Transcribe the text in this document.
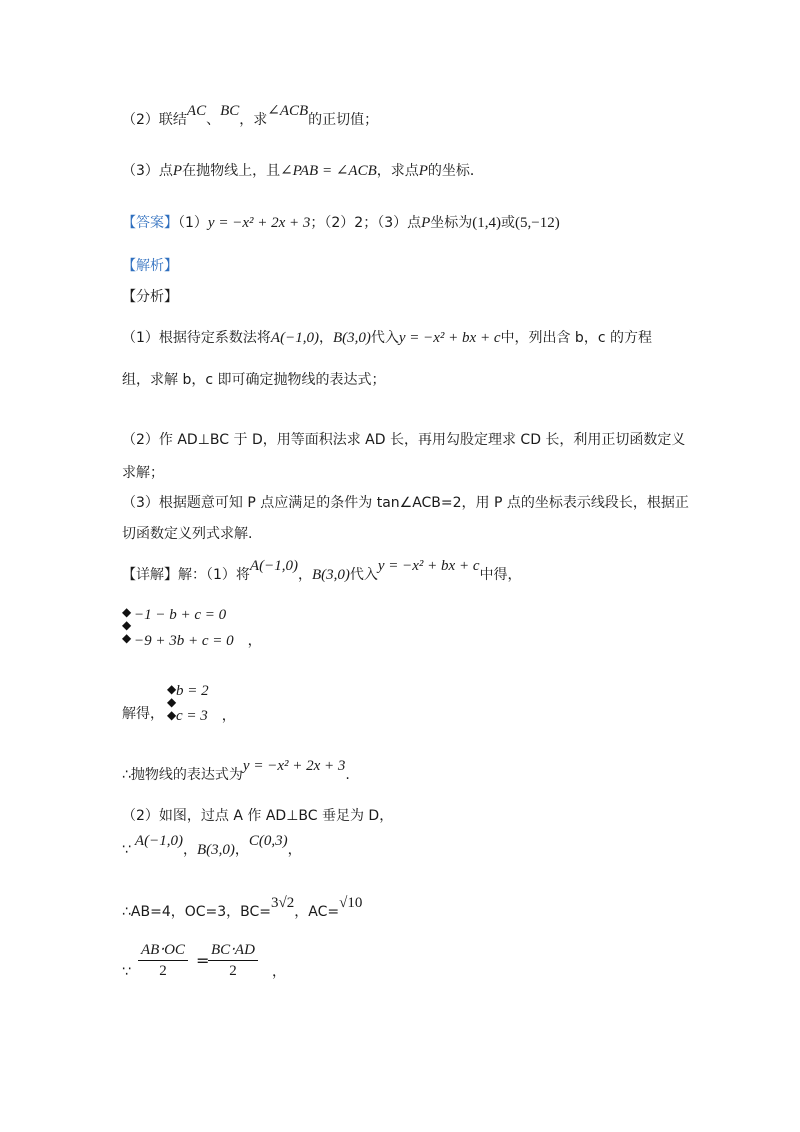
（2）联结AC、BC，求∠ACB的正切值；
（3）点P在抛物线上，且∠PAB = ∠ACB，求点P的坐标．
【答案】（1）y = −x² + 2x + 3；（2）2；（3）点P坐标为(1,4)或(5,−12)
【解析】
【分析】
（1）根据待定系数法将A(−1,0)，B(3,0)代入y = −x² + bx + c中，列出含 b，c 的方程
组，求解 b，c 即可确定抛物线的表达式；
（2）作 AD⊥BC 于 D，用等面积法求 AD 长，再用勾股定理求 CD 长，利用正切函数定义
求解；
（3）根据题意可知 P 点应满足的条件为 tan∠ACB=2，用 P 点的坐标表示线段长，根据正
切函数定义列式求解.
【详解】解：（1）将A(−1,0)，B(3,0)代入y = −x² + bx + c中得，
◆
◆
◆
−1 − b + c = 0
−9 + 3b + c = 0 ，
◆
◆
◆
b = 2
解得， c = 3 ，
∴抛物线的表达式为y = −x² + 2x + 3.
（2）如图，过点 A 作 AD⊥BC 垂足为 D，
∵A(−1,0)，B(3,0)，C(0,3)，
∴AB=4，OC=3，BC=3√2，AC=√10
∵ $\frac{AB\cdot OC}{2}$ =
$\frac{BC\cdot AD}{2}$ ，
